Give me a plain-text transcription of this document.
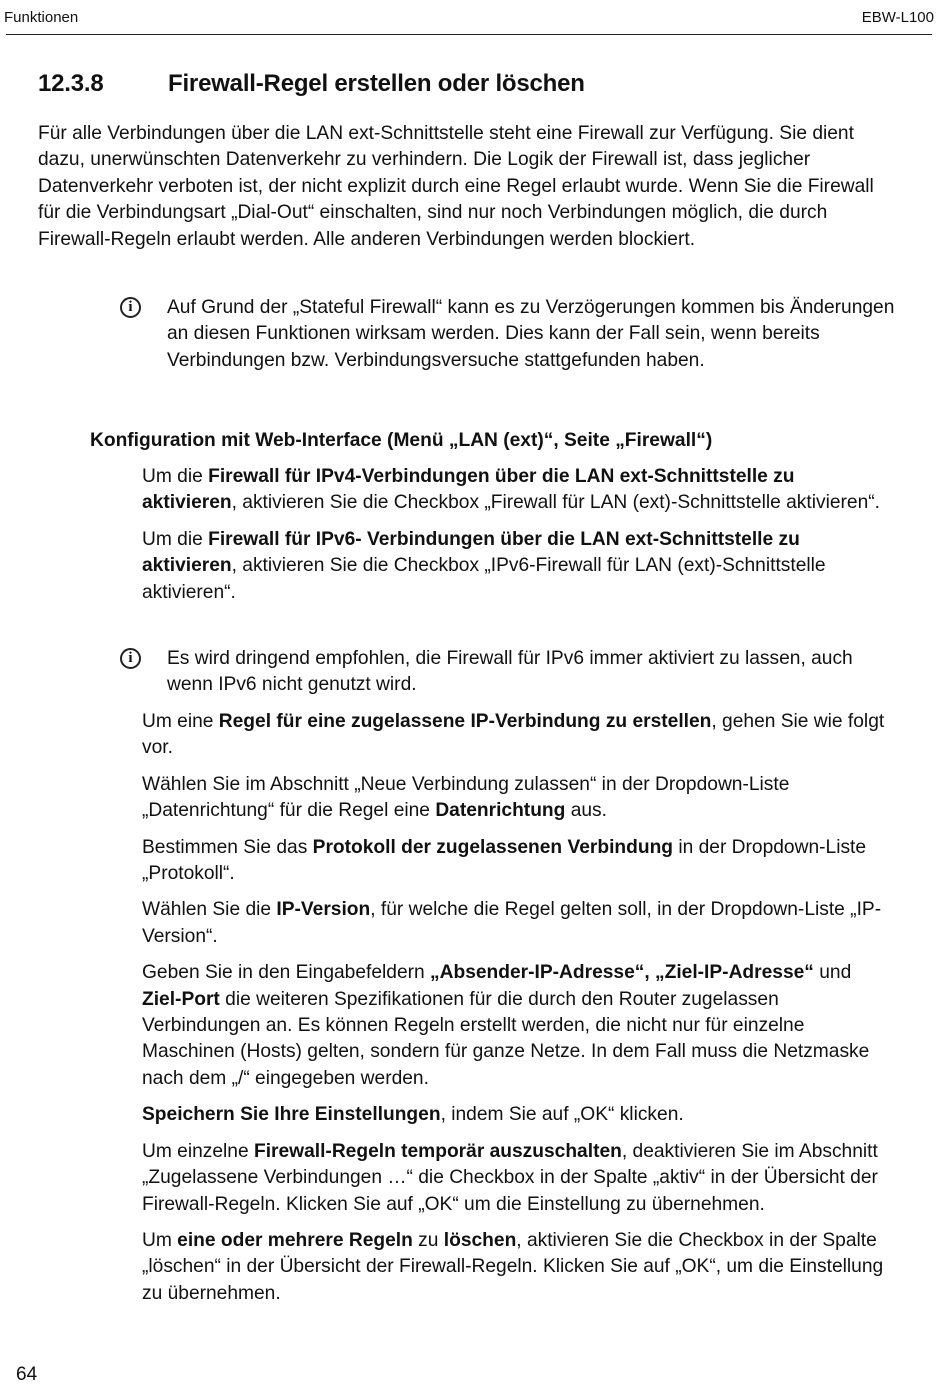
Funktionen	EBW-L100
12.3.8	Firewall-Regel erstellen oder löschen

Für alle Verbindungen über die LAN ext-Schnittstelle steht eine Firewall zur Verfügung. Sie dient dazu, unerwünschten Datenverkehr zu verhindern. Die Logik der Firewall ist, dass jeglicher Datenverkehr verboten ist, der nicht explizit durch eine Regel erlaubt wurde. Wenn Sie die Firewall für die Verbindungsart „Dial-Out“ einschalten, sind nur noch Verbindungen möglich, die durch Firewall-Regeln erlaubt werden. Alle anderen Verbindungen werden blockiert.

i	Auf Grund der „Stateful Firewall“ kann es zu Verzögerungen kommen bis Änderungen an diesen Funktionen wirksam werden. Dies kann der Fall sein, wenn bereits Verbindungen bzw. Verbindungsversuche stattgefunden haben.

Konfiguration mit Web-Interface (Menü „LAN (ext)“, Seite „Firewall“)

Um die Firewall für IPv4-Verbindungen über die LAN ext-Schnittstelle zu aktivieren, aktivieren Sie die Checkbox „Firewall für LAN (ext)-Schnittstelle aktivieren“.

Um die Firewall für IPv6- Verbindungen über die LAN ext-Schnittstelle zu aktivieren, aktivieren Sie die Checkbox „IPv6-Firewall für LAN (ext)-Schnittstelle aktivieren“.

i	Es wird dringend empfohlen, die Firewall für IPv6 immer aktiviert zu lassen, auch wenn IPv6 nicht genutzt wird.

Um eine Regel für eine zugelassene IP-Verbindung zu erstellen, gehen Sie wie folgt vor.

Wählen Sie im Abschnitt „Neue Verbindung zulassen“ in der Dropdown-Liste „Datenrichtung“ für die Regel eine Datenrichtung aus.

Bestimmen Sie das Protokoll der zugelassenen Verbindung in der Dropdown-Liste „Protokoll“.

Wählen Sie die IP-Version, für welche die Regel gelten soll, in der Dropdown-Liste „IP-Version“.

Geben Sie in den Eingabefeldern „Absender-IP-Adresse“, „Ziel-IP-Adresse“ und Ziel-Port die weiteren Spezifikationen für die durch den Router zugelassen Verbindungen an. Es können Regeln erstellt werden, die nicht nur für einzelne Maschinen (Hosts) gelten, sondern für ganze Netze. In dem Fall muss die Netzmaske nach dem „/“ eingegeben werden.

Speichern Sie Ihre Einstellungen, indem Sie auf „OK“ klicken.

Um einzelne Firewall-Regeln temporär auszuschalten, deaktivieren Sie im Abschnitt „Zugelassene Verbindungen …“ die Checkbox in der Spalte „aktiv“ in der Übersicht der Firewall-Regeln. Klicken Sie auf „OK“ um die Einstellung zu übernehmen.

Um eine oder mehrere Regeln zu löschen, aktivieren Sie die Checkbox in der Spalte „löschen“ in der Übersicht der Firewall-Regeln. Klicken Sie auf „OK“, um die Einstellung zu übernehmen.

64
